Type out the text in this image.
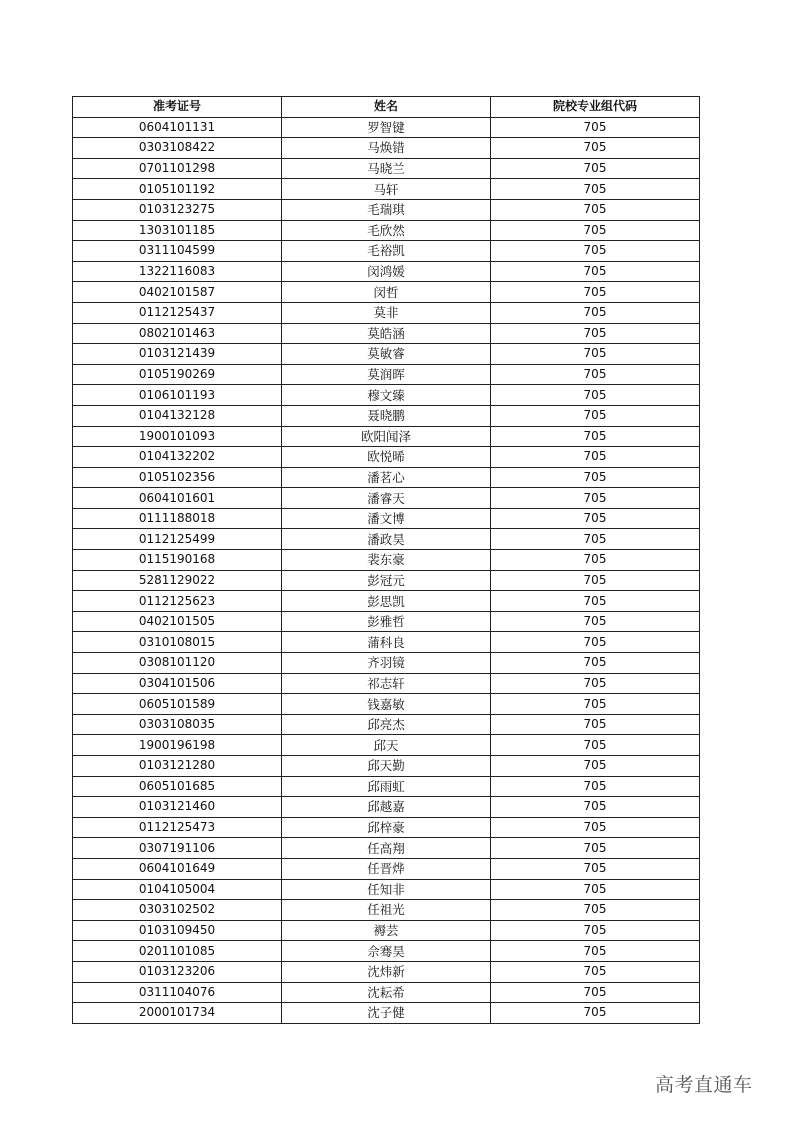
准考证号	姓名	院校专业组代码
0604101131	罗智键	705
0303108422	马焕错	705
0701101298	马晓兰	705
0105101192	马轩	705
0103123275	毛瑞琪	705
1303101185	毛欣然	705
0311104599	毛裕凯	705
1322116083	闵鸿媛	705
0402101587	闵哲	705
0112125437	莫非	705
0802101463	莫皓涵	705
0103121439	莫敏睿	705
0105190269	莫润晖	705
0106101193	穆文臻	705
0104132128	聂晓鹏	705
1900101093	欧阳闻泽	705
0104132202	欧悦晞	705
0105102356	潘茗心	705
0604101601	潘睿天	705
0111188018	潘文博	705
0112125499	潘政昊	705
0115190168	裴东豪	705
5281129022	彭冠元	705
0112125623	彭思凯	705
0402101505	彭雅哲	705
0310108015	蒲科良	705
0308101120	齐羽镜	705
0304101506	祁志轩	705
0605101589	钱嘉敏	705
0303108035	邱亮杰	705
1900196198	邱天	705
0103121280	邱天勤	705
0605101685	邱雨虹	705
0103121460	邱越嘉	705
0112125473	邱梓豪	705
0307191106	任高翔	705
0604101649	任晋烨	705
0104105004	任知非	705
0303102502	任祖光	705
0103109450	褥芸	705
0201101085	佘骞昊	705
0103123206	沈炜新	705
0311104076	沈耘希	705
2000101734	沈子健	705
高考直通车
